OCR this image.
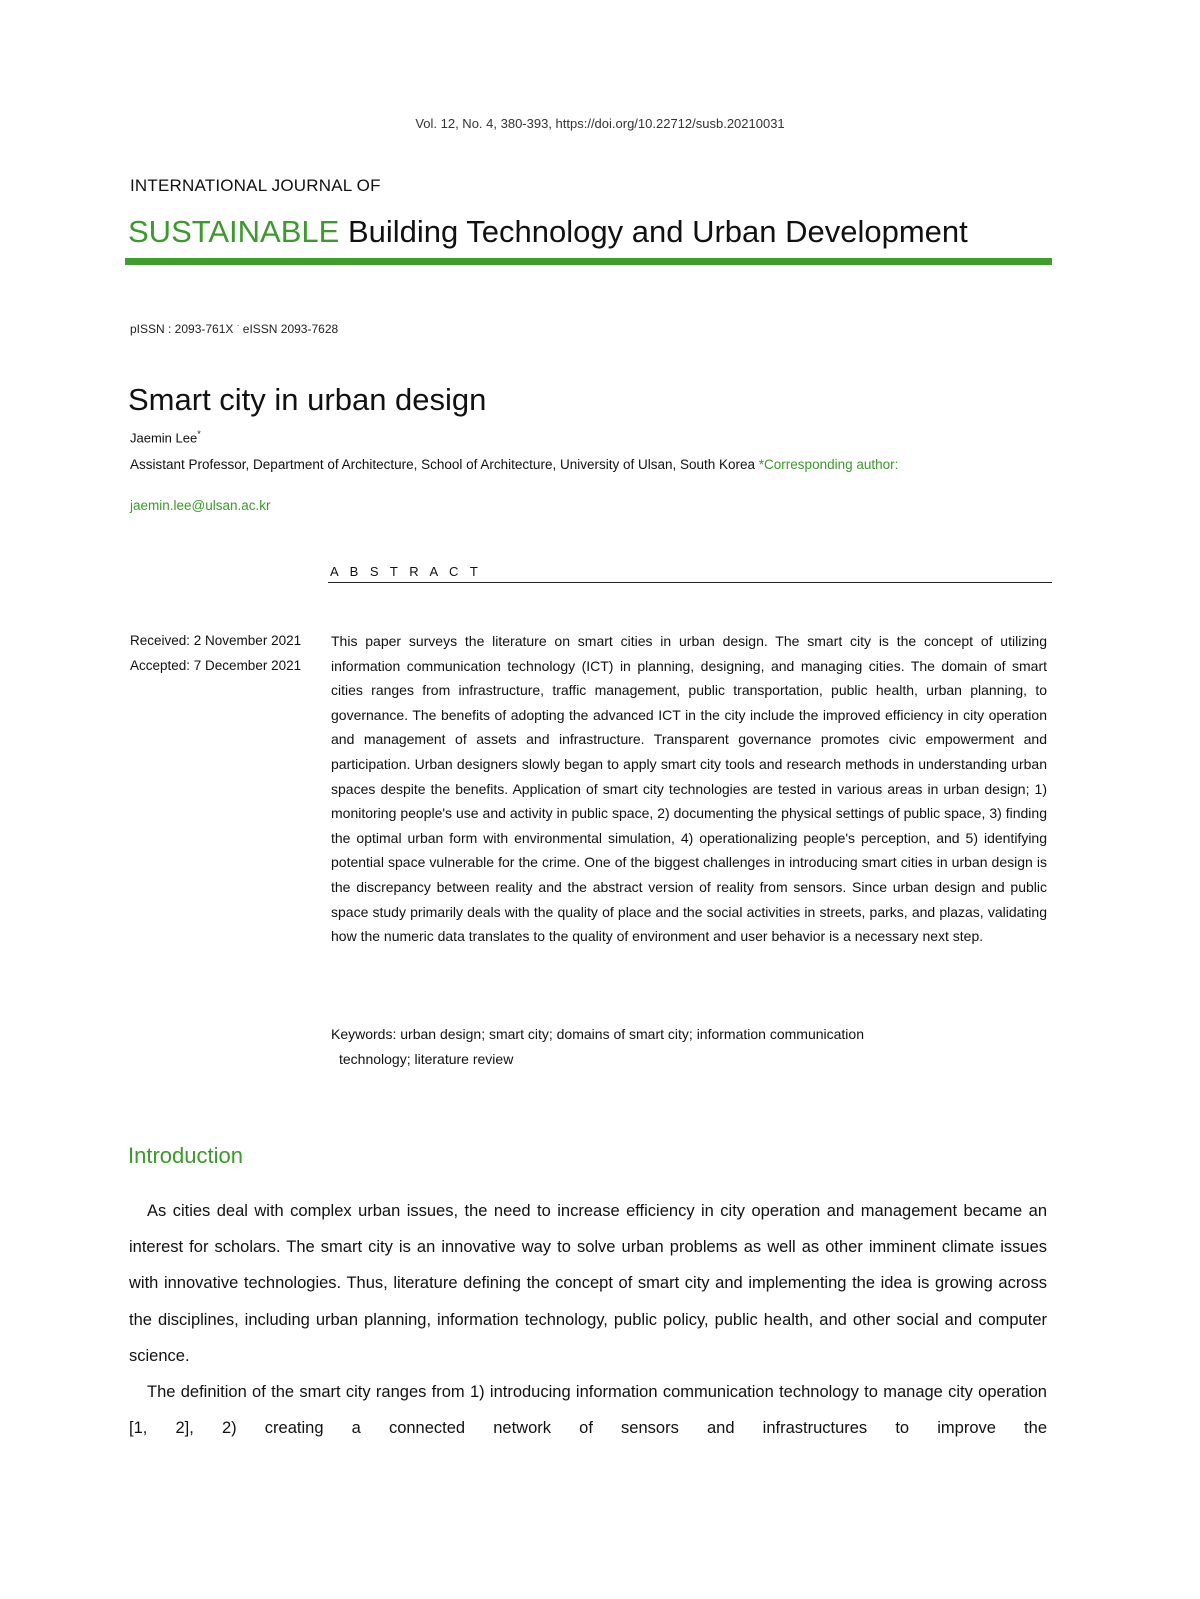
Vol. 12, No. 4, 380-393, https://doi.org/10.22712/susb.20210031
INTERNATIONAL JOURNAL OF
SUSTAINABLE Building Technology and Urban Development
pISSN : 2093-761X · eISSN 2093-7628
Smart city in urban design
Jaemin Lee*
Assistant Professor, Department of Architecture, School of Architecture, University of Ulsan, South Korea *Corresponding author:
jaemin.lee@ulsan.ac.kr
A B S T R A C T
Received: 2 November 2021
Accepted: 7 December 2021
This paper surveys the literature on smart cities in urban design. The smart city is the concept of utilizing information communication technology (ICT) in planning, designing, and managing cities. The domain of smart cities ranges from infrastructure, traffic management, public transportation, public health, urban planning, to governance. The benefits of adopting the advanced ICT in the city include the improved efficiency in city operation and management of assets and infrastructure. Transparent governance promotes civic empowerment and participation. Urban designers slowly began to apply smart city tools and research methods in understanding urban spaces despite the benefits. Application of smart city technologies are tested in various areas in urban design; 1) monitoring people's use and activity in public space, 2) documenting the physical settings of public space, 3) finding the optimal urban form with environmental simulation, 4) operationalizing people's perception, and 5) identifying potential space vulnerable for the crime. One of the biggest challenges in introducing smart cities in urban design is the discrepancy between reality and the abstract version of reality from sensors. Since urban design and public space study primarily deals with the quality of place and the social activities in streets, parks, and plazas, validating how the numeric data translates to the quality of environment and user behavior is a necessary next step.
Keywords: urban design; smart city; domains of smart city; information communication
technology; literature review
Introduction

As cities deal with complex urban issues, the need to increase efficiency in city operation and management became an interest for scholars. The smart city is an innovative way to solve urban problems as well as other imminent climate issues with innovative technologies. Thus, literature defining the concept of smart city and implementing the idea is growing across the disciplines, including urban planning, information technology, public policy, public health, and other social and computer science.

The definition of the smart city ranges from 1) introducing information communication technology to manage city operation [1, 2], 2) creating a connected network of sensors and infrastructures to improve the
